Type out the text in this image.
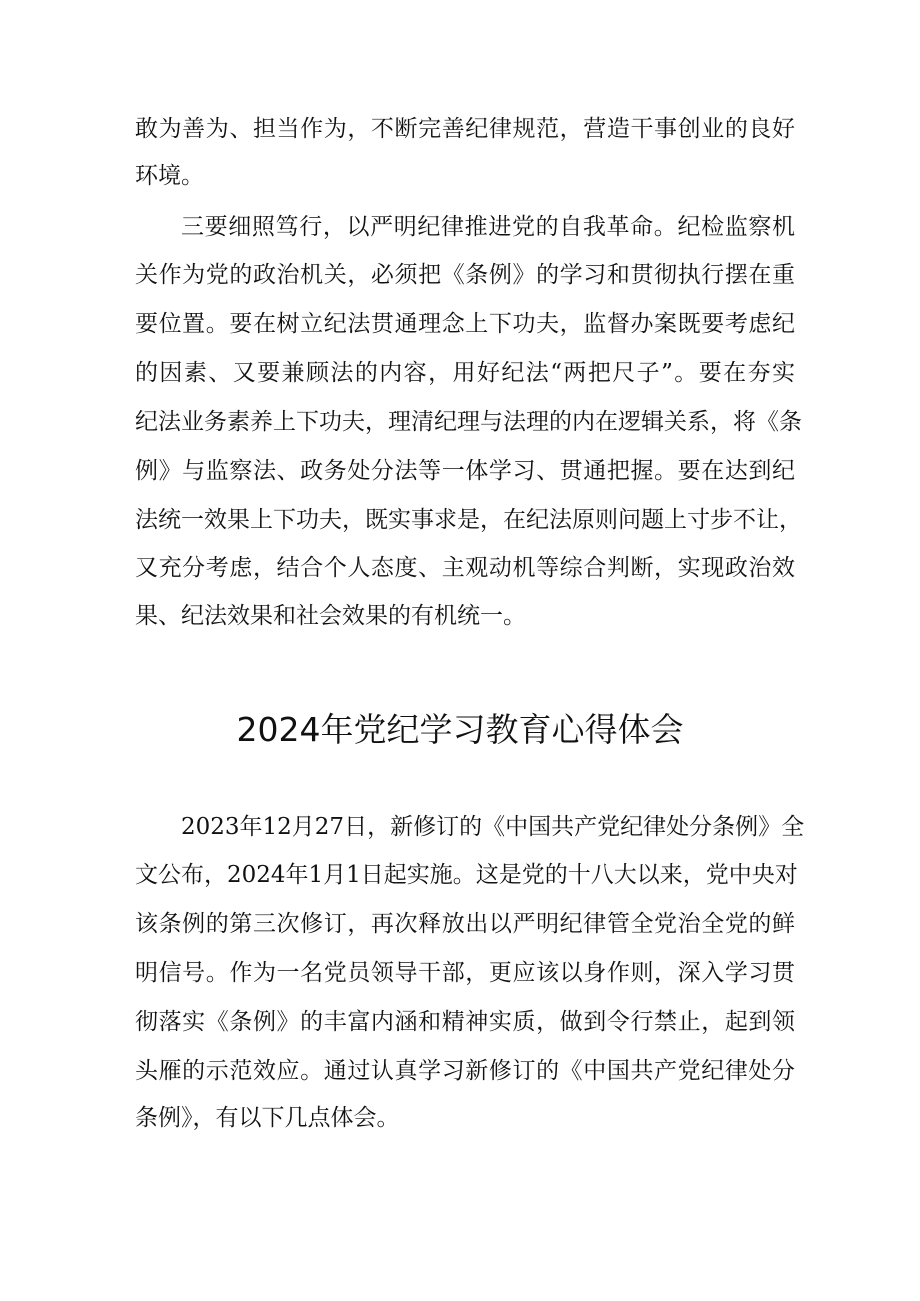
敢为善为、担当作为，不断完善纪律规范，营造干事创业的良好
环境。
三要细照笃行，以严明纪律推进党的自我革命。纪检监察机
关作为党的政治机关，必须把《条例》的学习和贯彻执行摆在重
要位置。要在树立纪法贯通理念上下功夫，监督办案既要考虑纪
的因素、又要兼顾法的内容，用好纪法“两把尺子”。要在夯实
纪法业务素养上下功夫，理清纪理与法理的内在逻辑关系，将《条
例》与监察法、政务处分法等一体学习、贯通把握。要在达到纪
法统一效果上下功夫，既实事求是，在纪法原则问题上寸步不让，
又充分考虑，结合个人态度、主观动机等综合判断，实现政治效
果、纪法效果和社会效果的有机统一。
2024年党纪学习教育心得体会
2023年12月27日，新修订的《中国共产党纪律处分条例》全
文公布，2024年1月1日起实施。这是党的十八大以来，党中央对
该条例的第三次修订，再次释放出以严明纪律管全党治全党的鲜
明信号。作为一名党员领导干部，更应该以身作则，深入学习贯
彻落实《条例》的丰富内涵和精神实质，做到令行禁止，起到领
头雁的示范效应。通过认真学习新修订的《中国共产党纪律处分
条例》，有以下几点体会。
